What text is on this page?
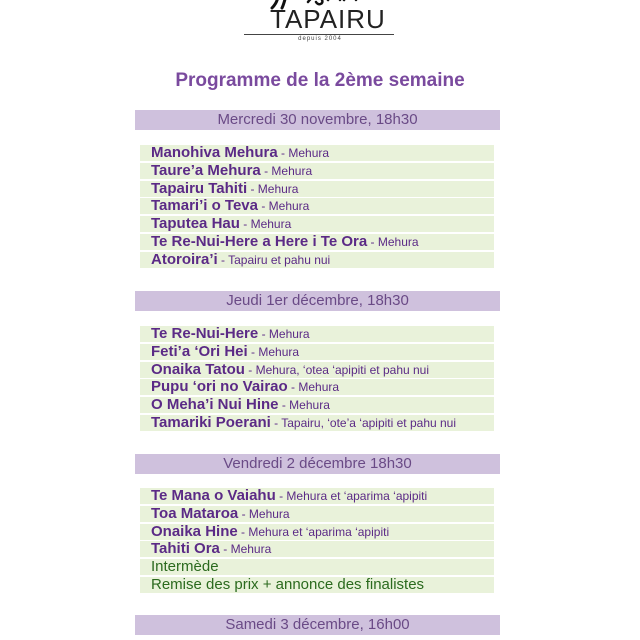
TAPAIRU
depuis 2004
Programme de la 2ème semaine
Mercredi 30 novembre, 18h30
Manohiva Mehura - Mehura
Taure’a Mehura - Mehura
Tapairu Tahiti - Mehura
Tamari’i o Teva - Mehura
Taputea Hau - Mehura
Te Re-Nui-Here a Here i Te Ora - Mehura
Atoroira’i - Tapairu et pahu nui
Jeudi 1er décembre, 18h30
Te Re-Nui-Here - Mehura
Feti’a ‘Ori Hei - Mehura
Onaika Tatou - Mehura, ‘otea ‘apipiti et pahu nui
Pupu ‘ori no Vairao - Mehura
O Meha’i Nui Hine - Mehura
Tamariki Poerani - Tapairu, ‘ote’a ‘apipiti et pahu nui
Vendredi 2 décembre 18h30
Te Mana o Vaiahu - Mehura et ‘aparima ‘apipiti
Toa Mataroa - Mehura
Onaika Hine - Mehura et ‘aparima ‘apipiti
Tahiti Ora - Mehura
Intermède
Remise des prix + annonce des finalistes
Samedi 3 décembre, 16h00
